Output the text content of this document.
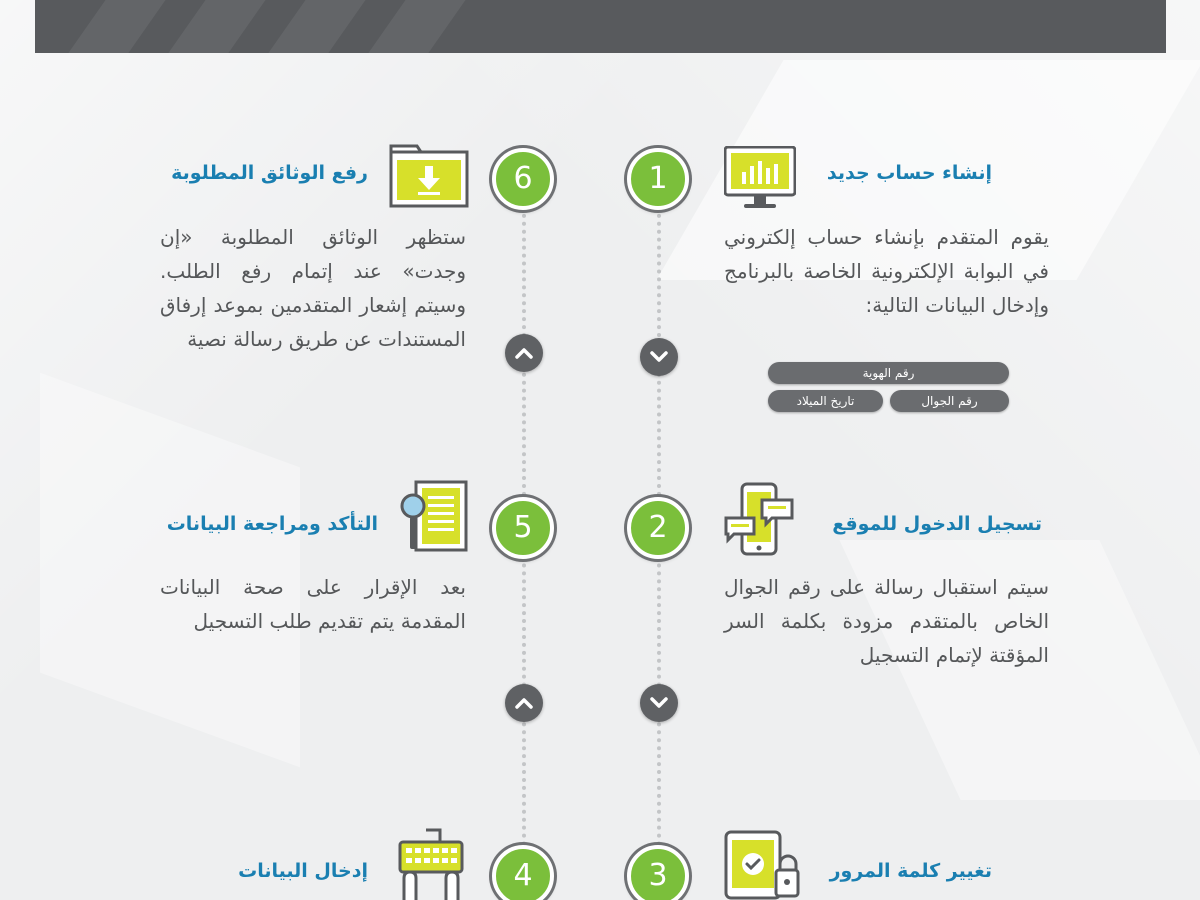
1	إنشاء حساب جديد
يقوم المتقدم بإنشاء حساب إلكتروني في البوابة الإلكترونية الخاصة بالبرنامج وإدخال البيانات التالية:
رقم الهوية
رقم الجوال
تاريخ الميلاد
6
رفع الوثائق المطلوبة
ستظهر الوثائق المطلوبة «إن وجدت» عند إتمام رفع الطلب. وسيتم إشعار المتقدمين بموعد إرفاق المستندات عن طريق رسالة نصية
2	تسجيل الدخول للموقع
سيتم استقبال رسالة على رقم الجوال الخاص بالمتقدم مزودة بكلمة السر المؤقتة لإتمام التسجيل
5
التأكد ومراجعة البيانات
بعد الإقرار على صحة البيانات المقدمة يتم تقديم طلب التسجيل
3	تغيير كلمة المرور
4
إدخال البيانات
